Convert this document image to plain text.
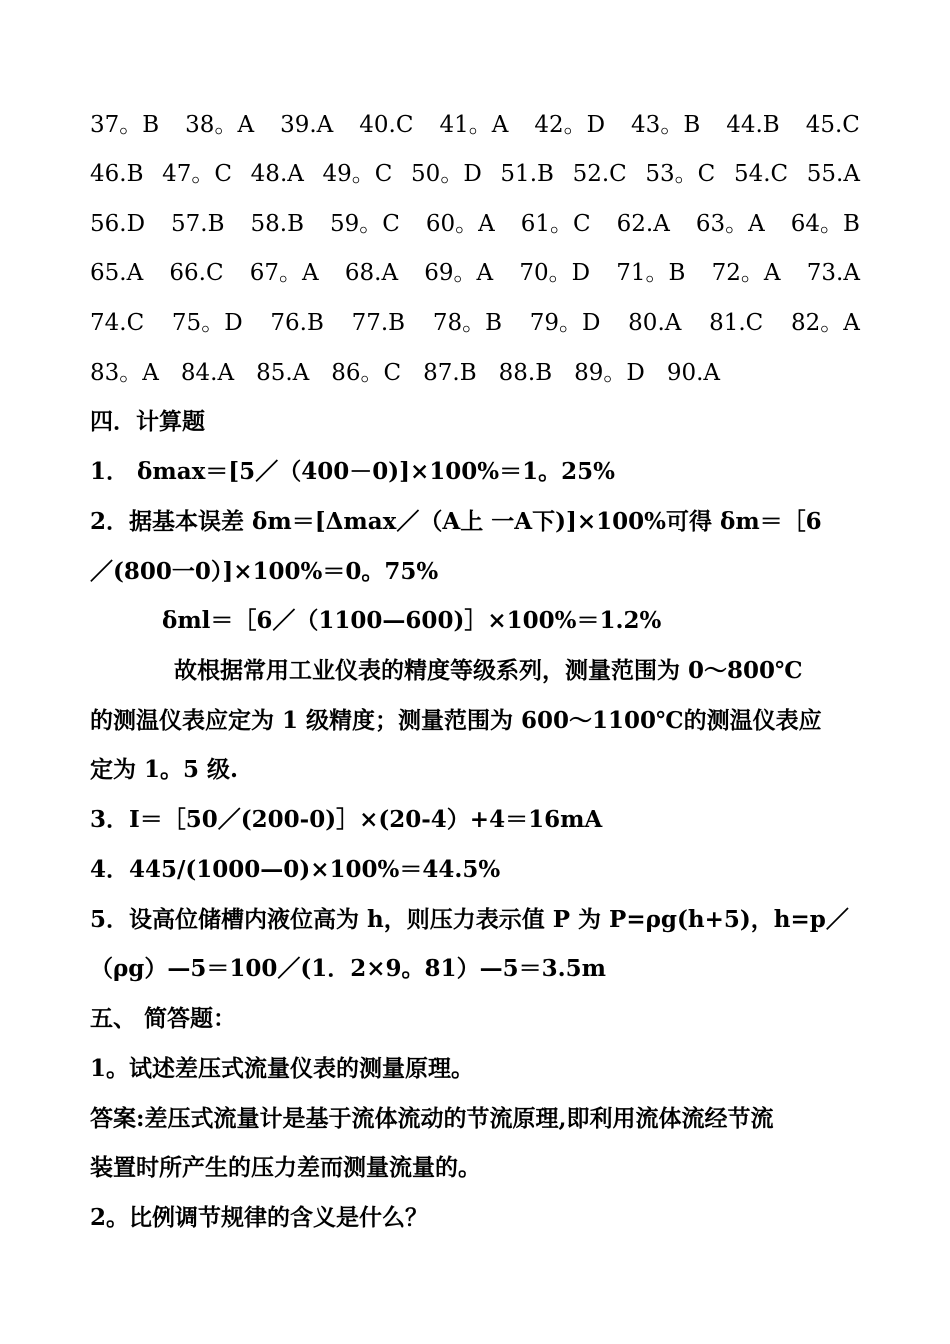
37。B 38。A 39.A 40.C 41。A 42。D 43。B 44.B 45.C
46.B 47。C 48.A 49。C 50。D 51.B 52.C 53。C 54.C 55.A
56.D 57.B 58.B 59。C 60。A 61。C 62.A 63。A 64。B
65.A 66.C 67。A 68.A 69。A 70。D 71。B 72。A 73.A
74.C 75。D 76.B 77.B 78。B 79。D 80.A 81.C 82。A
83。A 84.A 85.A 86。C 87.B 88.B 89。D 90.A
四．计算题
1． δmax＝[5／（400－0)]×100%＝1。25%
2．据基本误差 δm＝[Δmax／（A上 一A下)]×100%可得 δm＝［6
／(800一0）]×100%＝0。75%
δml＝［6／（1100—600)］×100%＝1.2%
故根据常用工业仪表的精度等级系列，测量范围为 0～800℃
的测温仪表应定为 1 级精度；测量范围为 600～1100℃的测温仪表应
定为 1。5 级.
3．I＝［50／(200-0)］×(20-4）+4＝16mA
4．445/(1000—0)×100%＝44.5%
5．设高位储槽内液位高为 h，则压力表示值 P 为 P=ρg(h+5)，h=p／
（ρg）—5＝100／(1．2×9。81）—5＝3.5m
五、 简答题：
1。试述差压式流量仪表的测量原理。
答案:差压式流量计是基于流体流动的节流原理,即利用流体流经节流
装置时所产生的压力差而测量流量的。
2。比例调节规律的含义是什么？
